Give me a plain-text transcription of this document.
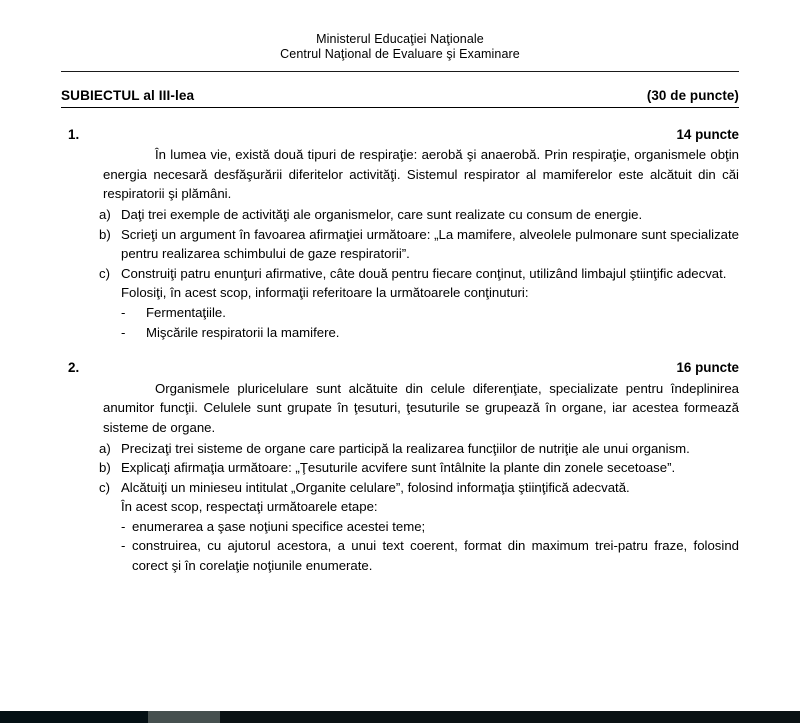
Ministerul Educaţiei Naţionale
Centrul Naţional de Evaluare şi Examinare
SUBIECTUL al III-lea	(30 de puncte)
1.	14 puncte

În lumea vie, există două tipuri de respiraţie: aerobă şi anaerobă. Prin respiraţie, organismele obţin energia necesară desfăşurării diferitelor activităţi. Sistemul respirator al mamiferelor este alcătuit din căi respiratorii şi plămâni.

a) Daţi trei exemple de activităţi ale organismelor, care sunt realizate cu consum de energie.
b) Scrieţi un argument în favoarea afirmaţiei următoare: „La mamifere, alveolele pulmonare sunt specializate pentru realizarea schimbului de gaze respiratorii”.
c) Construiţi patru enunţuri afirmative, câte două pentru fiecare conţinut, utilizând limbajul ştiinţific adecvat.
Folosiţi, în acest scop, informaţii referitoare la următoarele conţinuturi:
- Fermentaţiile.
- Mişcările respiratorii la mamifere.
2.	16 puncte

Organismele pluricelulare sunt alcătuite din celule diferenţiate, specializate pentru îndeplinirea anumitor funcţii. Celulele sunt grupate în ţesuturi, ţesuturile se grupează în organe, iar acestea formează sisteme de organe.

a) Precizaţi trei sisteme de organe care participă la realizarea funcţiilor de nutriţie ale unui organism.
b) Explicaţi afirmaţia următoare: „Ţesuturile acvifere sunt întâlnite la plante din zonele secetoase”.
c) Alcătuiţi un minieseu intitulat „Organite celulare”, folosind informaţia ştiinţifică adecvată.
În acest scop, respectaţi următoarele etape:
- enumerarea a şase noţiuni specifice acestei teme;
- construirea, cu ajutorul acestora, a unui text coerent, format din maximum trei-patru fraze, folosind corect şi în corelaţie noţiunile enumerate.
